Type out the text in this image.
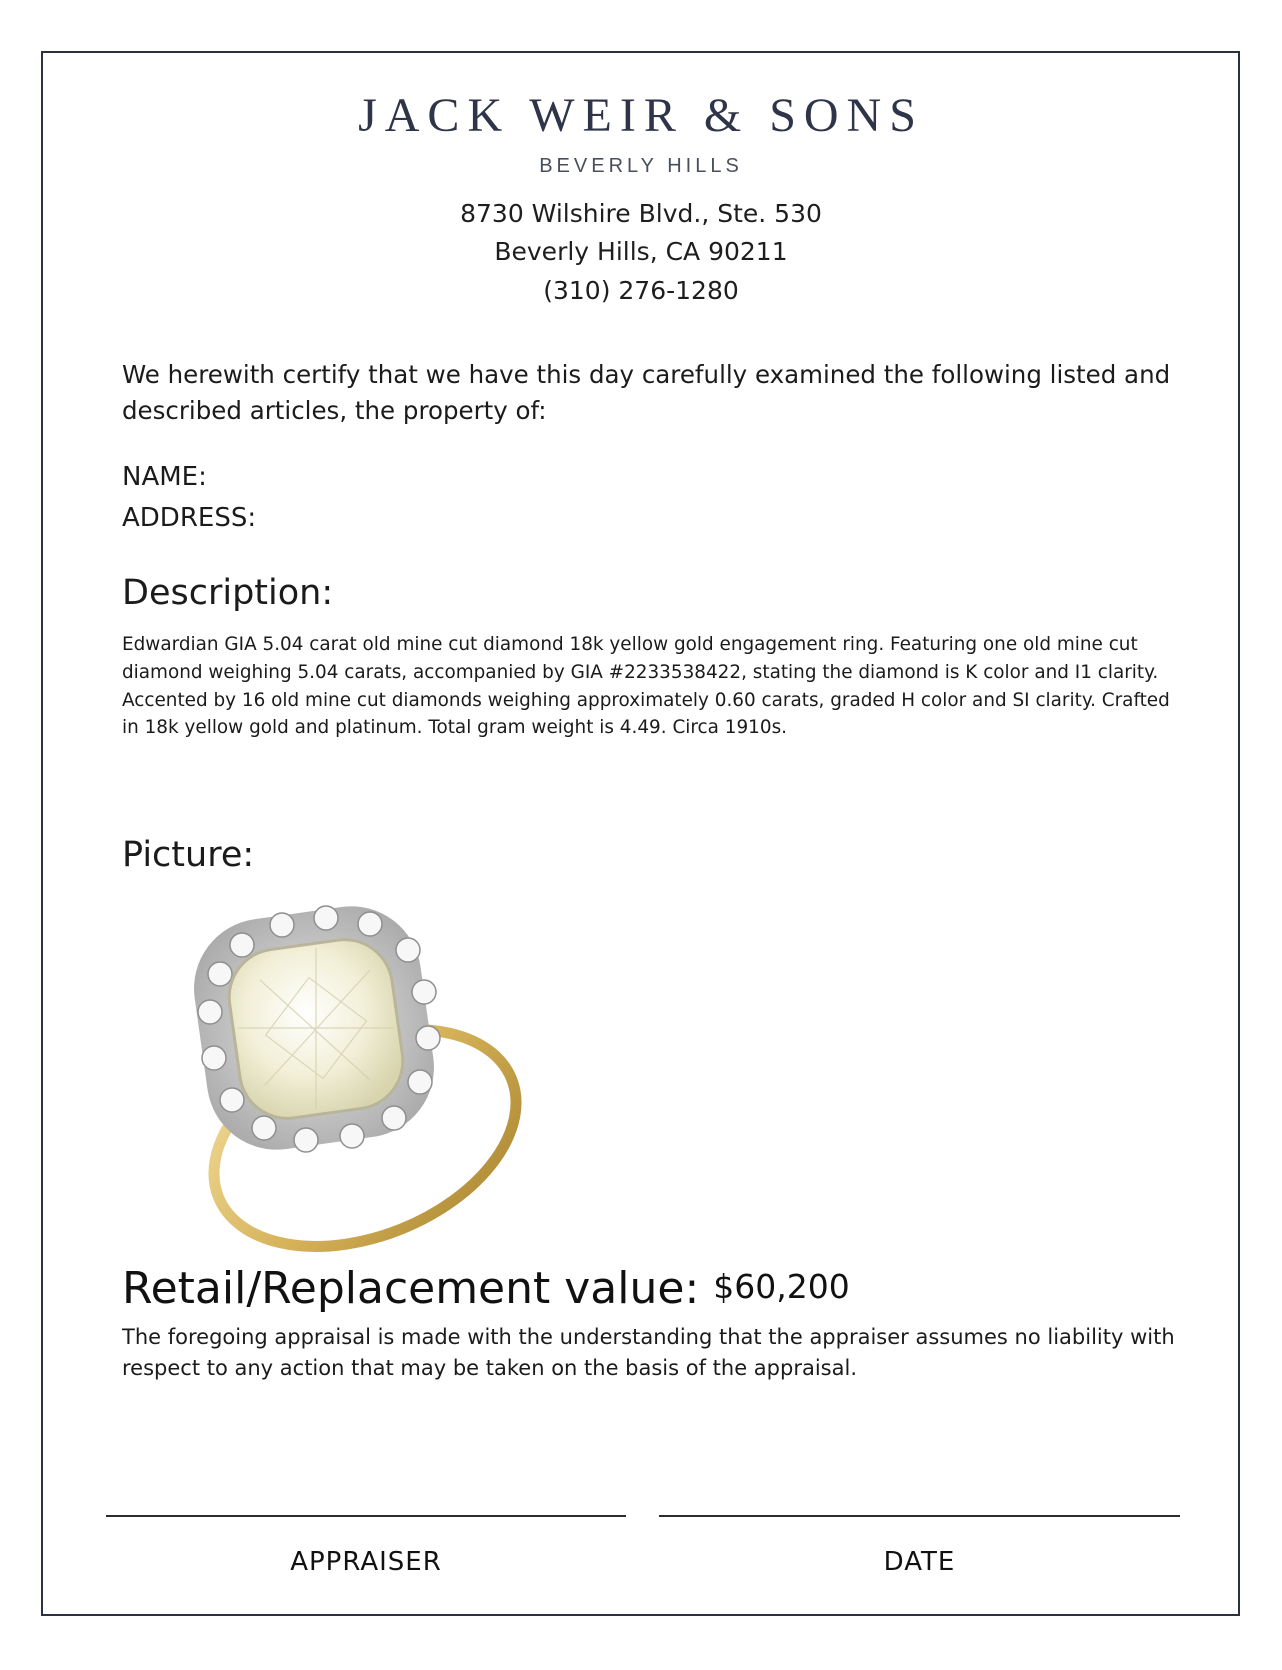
JACK WEIR & SONS
BEVERLY HILLS
8730 Wilshire Blvd., Ste. 530
Beverly Hills, CA 90211
(310) 276-1280
We herewith certify that we have this day carefully examined the following listed and described articles, the property of:
NAME:
ADDRESS:
Description:
Edwardian GIA 5.04 carat old mine cut diamond 18k yellow gold engagement ring. Featuring one old mine cut diamond weighing 5.04 carats, accompanied by GIA #2233538422, stating the diamond is K color and I1 clarity. Accented by 16 old mine cut diamonds weighing approximately 0.60 carats, graded H color and SI clarity. Crafted in 18k yellow gold and platinum. Total gram weight is 4.49. Circa 1910s.
Picture:
Retail/Replacement value: $60,200
The foregoing appraisal is made with the understanding that the appraiser assumes no liability with respect to any action that may be taken on the basis of the appraisal.
APPRAISER	DATE
